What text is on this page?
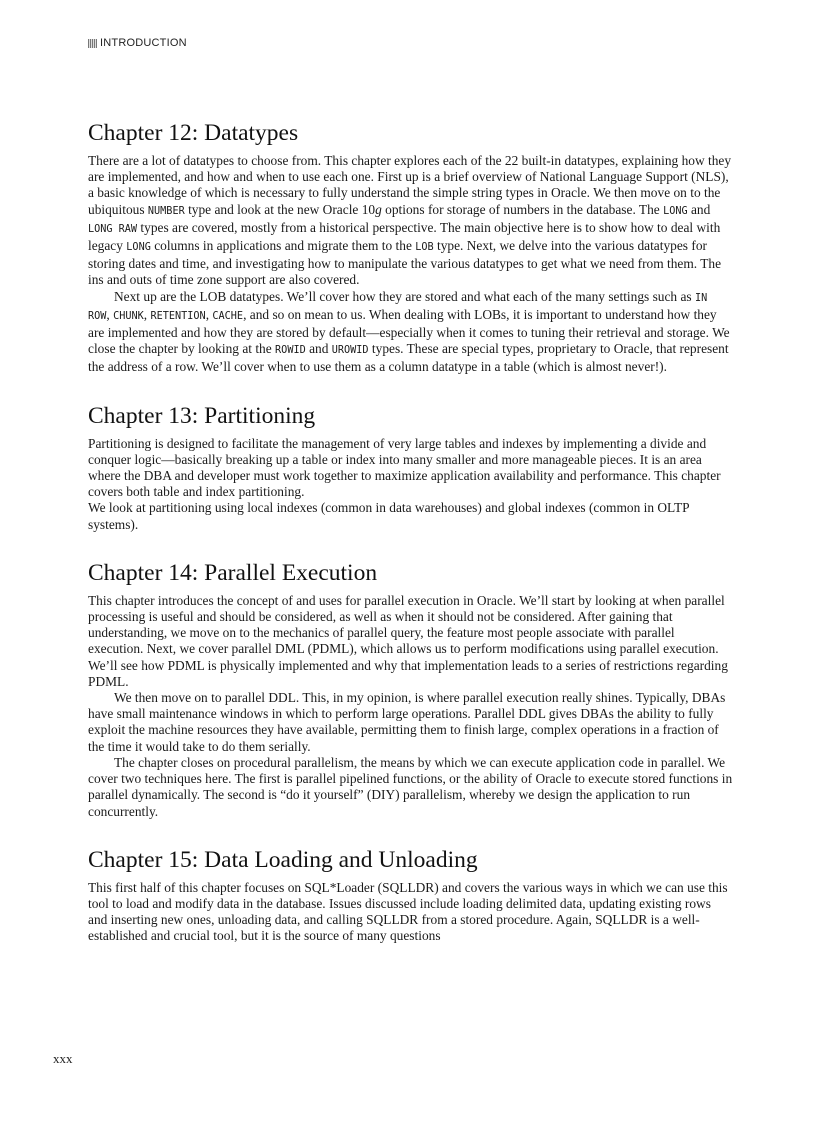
INTRODUCTION
Chapter 12: Datatypes

There are a lot of datatypes to choose from. This chapter explores each of the 22 built-in datatypes, explaining how they are implemented, and how and when to use each one. First up is a brief overview of National Language Support (NLS), a basic knowledge of which is necessary to fully understand the simple string types in Oracle. We then move on to the ubiquitous NUMBER type and look at the new Oracle 10g options for storage of numbers in the database. The LONG and LONG RAW types are covered, mostly from a historical perspective. The main objective here is to show how to deal with legacy LONG columns in applications and migrate them to the LOB type. Next, we delve into the various datatypes for storing dates and time, and investigating how to manipulate the various datatypes to get what we need from them. The ins and outs of time zone support are also covered.

Next up are the LOB datatypes. We’ll cover how they are stored and what each of the many settings such as IN ROW, CHUNK, RETENTION, CACHE, and so on mean to us. When dealing with LOBs, it is important to understand how they are implemented and how they are stored by default—especially when it comes to tuning their retrieval and storage. We close the chapter by looking at the ROWID and UROWID types. These are special types, proprietary to Oracle, that represent the address of a row. We’ll cover when to use them as a column datatype in a table (which is almost never!).

Chapter 13: Partitioning

Partitioning is designed to facilitate the management of very large tables and indexes by implementing a divide and conquer logic—basically breaking up a table or index into many smaller and more manageable pieces. It is an area where the DBA and developer must work together to maximize application availability and performance. This chapter covers both table and index partitioning.

We look at partitioning using local indexes (common in data warehouses) and global indexes (common in OLTP systems).

Chapter 14: Parallel Execution

This chapter introduces the concept of and uses for parallel execution in Oracle. We’ll start by looking at when parallel processing is useful and should be considered, as well as when it should not be considered. After gaining that understanding, we move on to the mechanics of parallel query, the feature most people associate with parallel execution. Next, we cover parallel DML (PDML), which allows us to perform modifications using parallel execution. We’ll see how PDML is physically implemented and why that implementation leads to a series of restrictions regarding PDML.

We then move on to parallel DDL. This, in my opinion, is where parallel execution really shines. Typically, DBAs have small maintenance windows in which to perform large operations. Parallel DDL gives DBAs the ability to fully exploit the machine resources they have available, permitting them to finish large, complex operations in a fraction of the time it would take to do them serially.

The chapter closes on procedural parallelism, the means by which we can execute application code in parallel. We cover two techniques here. The first is parallel pipelined functions, or the ability of Oracle to execute stored functions in parallel dynamically. The second is “do it yourself” (DIY) parallelism, whereby we design the application to run concurrently.

Chapter 15: Data Loading and Unloading

This first half of this chapter focuses on SQL*Loader (SQLLDR) and covers the various ways in which we can use this tool to load and modify data in the database. Issues discussed include loading delimited data, updating existing rows and inserting new ones, unloading data, and calling SQLLDR from a stored procedure. Again, SQLLDR is a well-established and crucial tool, but it is the source of many questions

xxx
